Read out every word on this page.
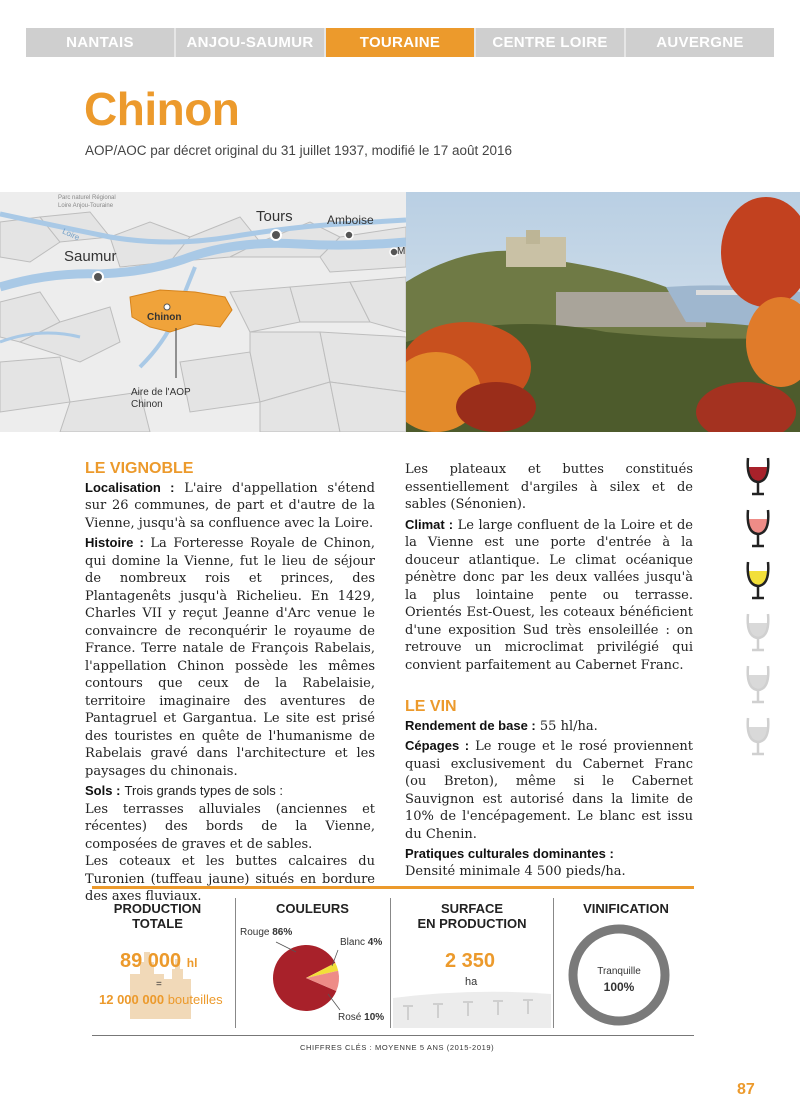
NANTAIS	ANJOU-SAUMUR	TOURAINE	CENTRE LOIRE	AUVERGNE
Chinon
AOP/AOC par décret original du 31 juillet 1937, modifié le 17 août 2016
Saumur
Tours	Amboise
M
Chinon
Parc naturel Régional Loire Anjou-Touraine
Loire
Aire de l'AOP
Chinon
LE VIGNOBLE
Localisation : L'aire d'appellation s'étend sur 26 communes, de part et d'autre de la Vienne, jusqu'à sa confluence avec la Loire.
Histoire : La Forteresse Royale de Chinon, qui domine la Vienne, fut le lieu de séjour de nombreux rois et princes, des Plantagenêts jusqu'à Richelieu. En 1429, Charles VII y reçut Jeanne d'Arc venue le convaincre de reconquérir le royaume de France. Terre natale de François Rabelais, l'appellation Chinon possède les mêmes contours que ceux de la Rabelaisie, territoire imaginaire des aventures de Pantagruel et Gargantua. Le site est prisé des touristes en quête de l'humanisme de Rabelais gravé dans l'architecture et les paysages du chinonais.
Sols : Trois grands types de sols :
Les terrasses alluviales (anciennes et récentes) des bords de la Vienne, composées de graves et de sables.
Les coteaux et les buttes calcaires du Turonien (tuffeau jaune) situés en bordure des axes fluviaux.
Les plateaux et buttes constitués essentiellement d'argiles à silex et de sables (Sénonien).
Climat : Le large confluent de la Loire et de la Vienne est une porte d'entrée à la douceur atlantique. Le climat océanique pénètre donc par les deux vallées jusqu'à la plus lointaine pente ou terrasse. Orientés Est-Ouest, les coteaux bénéficient d'une exposition Sud très ensoleillée : on retrouve un microclimat privilégié qui convient parfaitement au Cabernet Franc.
LE VIN
Rendement de base : 55 hl/ha.
Cépages : Le rouge et le rosé proviennent quasi exclusivement du Cabernet Franc (ou Breton), même si le Cabernet Sauvignon est autorisé dans la limite de 10% de l'encépagement. Le blanc est issu du Chenin.
Pratiques culturales dominantes :
Densité minimale 4 500 pieds/ha.
PRODUCTION
TOTALE
89 000 hl
=
12 000 000 bouteilles
COULEURS
Rouge 86%
Blanc 4%
Rosé 10%
SURFACE
EN PRODUCTION
2 350
ha
VINIFICATION
Tranquille
100%
CHIFFRES CLÉS : MOYENNE 5 ANS (2015-2019)
87
